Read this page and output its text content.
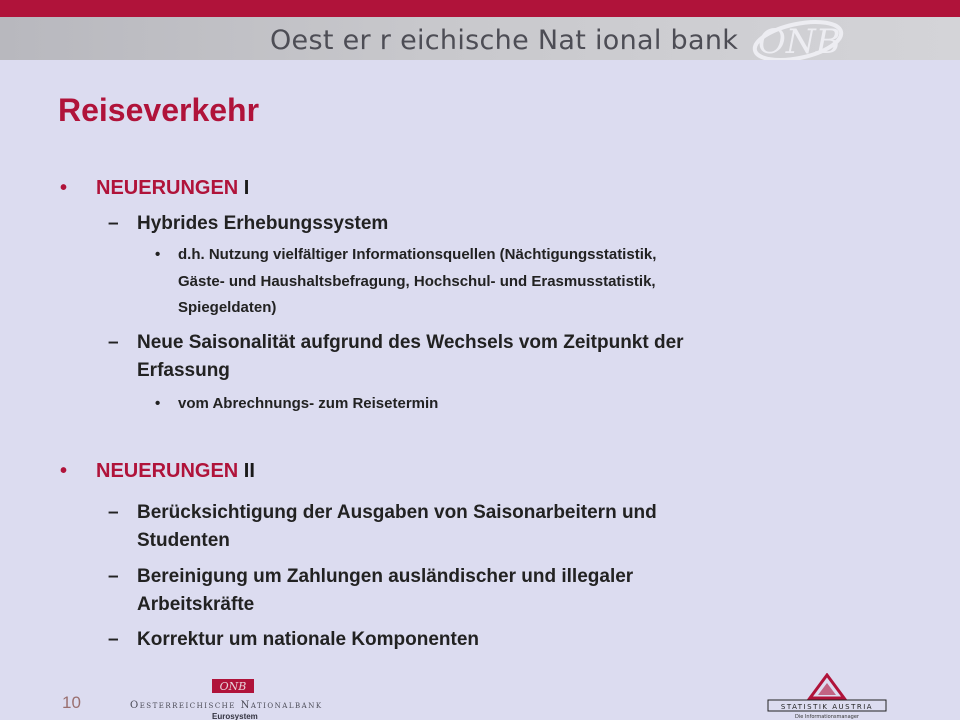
Oest er r eichische Nat ional bank ONB
Reiseverkehr
• NEUERUNGEN I
– Hybrides Erhebungssystem
• d.h. Nutzung vielfältiger Informationsquellen (Nächtigungsstatistik,
Gäste- und Haushaltsbefragung, Hochschul- und Erasmusstatistik,
Spiegeldaten)
– Neue Saisonalität aufgrund des Wechsels vom Zeitpunkt der
Erfassung
• vom Abrechnungs- zum Reisetermin
• NEUERUNGEN II
– Berücksichtigung der Ausgaben von Saisonarbeitern und
Studenten
– Bereinigung um Zahlungen ausländischer und illegaler
Arbeitskräfte
– Korrektur um nationale Komponenten
10
ONB
Oesterreichische Nationalbank
Eurosystem
STATISTIK AUSTRIA
Die Informationsmanager
